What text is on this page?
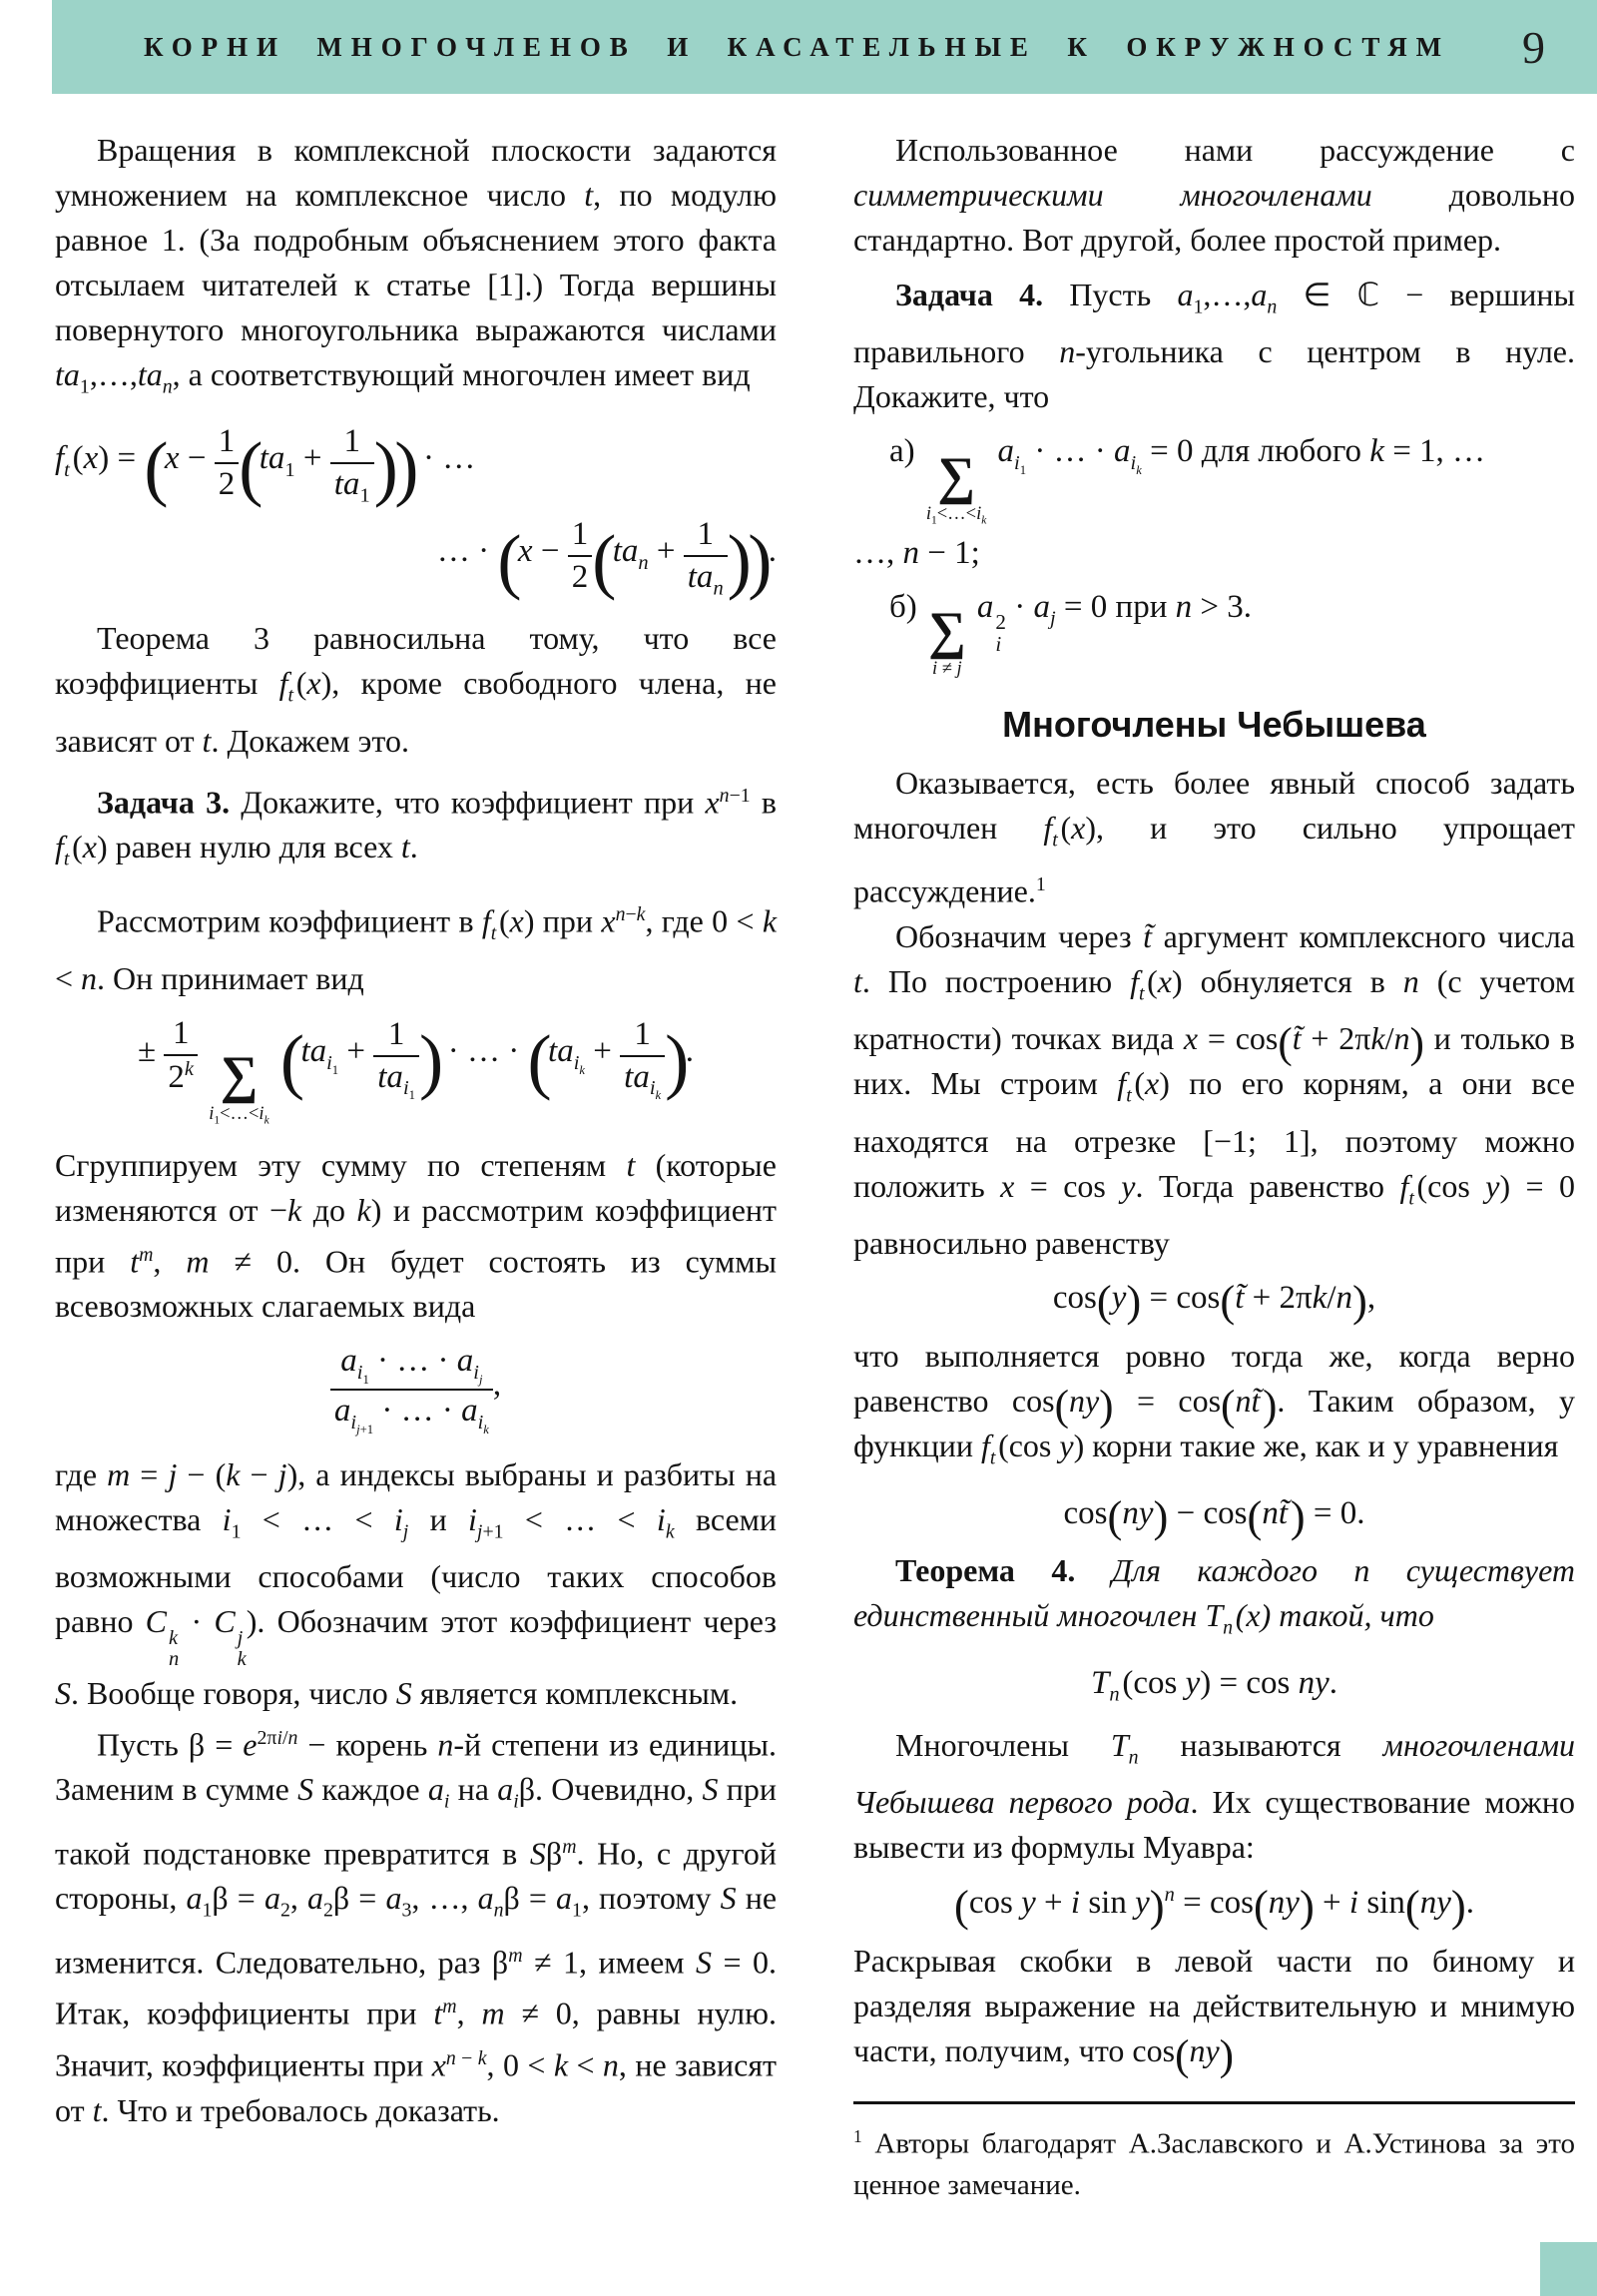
КОРНИ МНОГОЧЛЕНОВ И КАСАТЕЛЬНЫЕ К ОКРУЖНОСТЯМ	9

Вращения в комплексной плоскости задаются умножением на комплексное число t, по модулю равное 1. (За подробным объяснением этого факта отсылаем читателей к статье [1].) Тогда вершины повернутого многоугольника выражаются числами $ta_1,\dots,ta_n$, а соответствующий многочлен имеет вид

$f_t$ $(x) = (x - \frac{1}{2} (ta_1 + \frac{1}{ta_1}$ )) · …
… · ($x - \frac{1}{2} (ta_n + \frac{1}{ta_n}$ )).

Теорема 3 равносильна тому, что все коэффициенты $f_t$ (x), кроме свободного члена, не зависят от t. Докажем это.

Задача 3. Докажите, что коэффициент при $x^{n-1}$ в $f_t$ (x) равен нулю для всех t.

Рассмотрим коэффициент в $f_t$ (x) при $x^{n-k}$, где 0 < k < n. Он принимает вид

± $\frac{1}{2^k}$
∑
$i_1<\dots<i_k$
($ta_{i_1} + \frac{1}{ta_{i_1}}$ ) · … · ($ta_{i_k} + \frac{1}{ta_{i_k}}$ ).

Сгруппируем эту сумму по степеням t (которые изменяются от −k до k) и рассмотрим коэффициент при $t^m$, m ≠ 0. Он будет состоять из суммы всевозможных слагаемых вида

$\frac{a_{i_1} \cdot \dots \cdot a_{i_j}}{a_{i_{j+1}} \cdot \dots \cdot a_{i_k}}$ ,

где m = j − (k − j), а индексы выбраны и разбиты на множества $i_1$ < … < $i_j$ и $i_{j+1}$ < … < $i_k$ всеми возможными способами (число таких способов равно C k
n
· C j
k
). Обозначим этот коэффициент через S. Вообще говоря, число S является комплексным.

Пусть $\beta = e^{2\pi i/n}$ − корень n-й степени из единицы. Заменим в сумме S каждое $a_i$ на $a_i\beta$. Очевидно, S при такой подстановке превратится в $S\beta^m$. Но, с другой стороны, $a_1\beta = a_2$, $a_2\beta = a_3$, …, $a_n\beta = a_1$, поэтому S не изменится. Следовательно, раз $\beta^m \ne 1$, имеем S = 0. Итак, коэффициенты при $t^m$, m ≠ 0, равны нулю. Значит, коэффициенты при $x^{n - k}$, 0 < k < n, не зависят от t. Что и требовалось доказать.

Использованное нами рассуждение с симметрическими многочленами довольно стандартно. Вот другой, более простой пример.

Задача 4. Пусть $a_1,\dots,a_n$ ∈ ℂ − вершины правильного n-угольника с центром в нуле. Докажите, что

а) ∑
$i_1<\dots<i_k$
$a_{i_1}$ · … · $a_{i_k} = 0$ для любого k = 1, …
…, n − 1;
б) ∑
i ≠ j
a 2
i
· $a_j = 0$ при n > 3.
Многочлены Чебышева

Оказывается, есть более явный способ задать многочлен $f_t$ (x), и это сильно упрощает рассуждение.$^1$

Обозначим через t̃ аргумент комплексного числа t. По построению $f_t$ (x) обнуляется в n (с учетом кратности) точках вида x = cos(t̃ + 2πk/n) и только в них. Мы строим $f_t$ (x) по его корням, а они все находятся на отрезке [−1; 1], поэтому можно положить x = cos y. Тогда равенство $f_t$ (cos y) = 0 равносильно равенству

cos(y) = cos(t̃ + 2πk/n),

что выполняется ровно тогда же, когда верно равенство cos(ny) = cos(nt̃ ). Таким образом, у функции $f_t$ (cos y) корни такие же, как и у уравнения

cos(ny) − cos(nt̃ ) = 0.

Теорема 4. Для каждого n существует единственный многочлен $T_n$ (x) такой, что

$T_n$ (cos y) = cos ny.

Многочлены $T_n$ называются многочленами Чебышева первого рода. Их существование можно вывести из формулы Муавра:

(cos y + i sin y)$^n$ = cos(ny) + i sin(ny).

Раскрывая скобки в левой части по биному и разделяя выражение на действительную и мнимую части, получим, что cos(ny)

$^1$ Авторы благодарят А.Заславского и А.Устинова за это ценное замечание.
